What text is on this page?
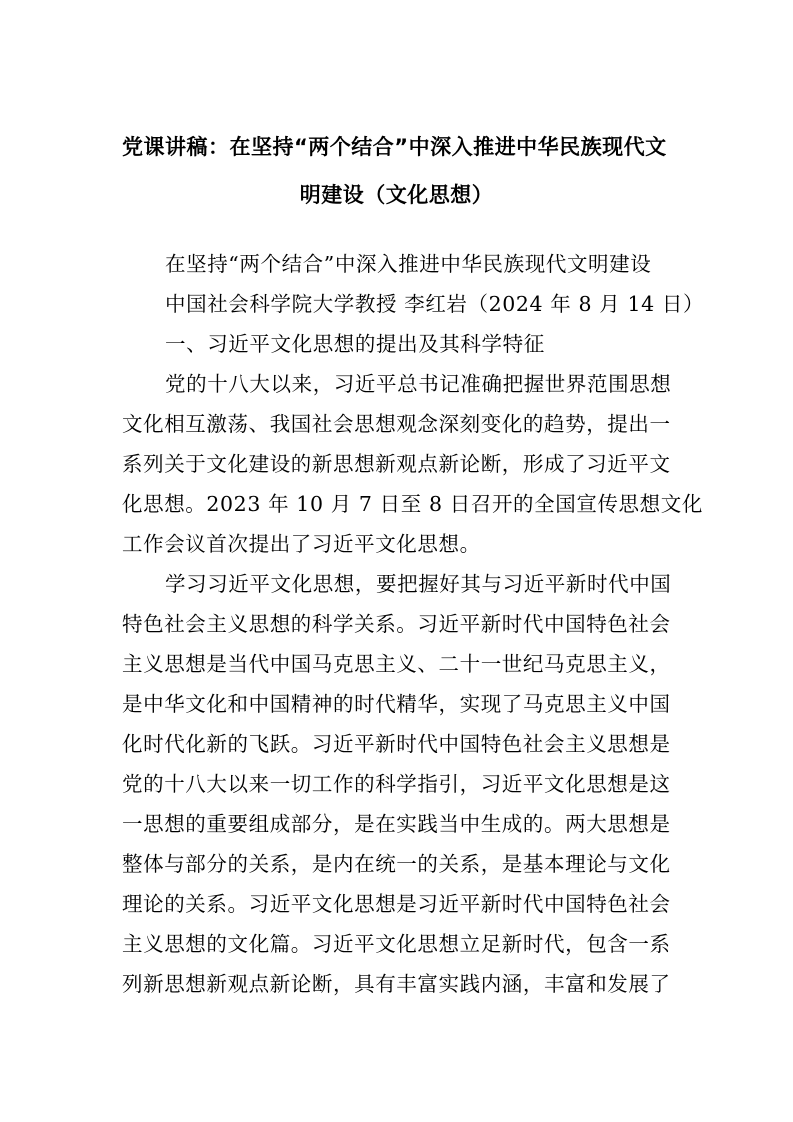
党课讲稿：在坚持“两个结合”中深入推进中华民族现代文
明建设（文化思想）
在坚持“两个结合”中深入推进中华民族现代文明建设
中国社会科学院大学教授 李红岩（2024 年 8 月 14 日）
一、习近平文化思想的提出及其科学特征
党的十八大以来，习近平总书记准确把握世界范围思想
文化相互激荡、我国社会思想观念深刻变化的趋势，提出一
系列关于文化建设的新思想新观点新论断，形成了习近平文
化思想。2023 年 10 月 7 日至 8 日召开的全国宣传思想文化
工作会议首次提出了习近平文化思想。
学习习近平文化思想，要把握好其与习近平新时代中国
特色社会主义思想的科学关系。习近平新时代中国特色社会
主义思想是当代中国马克思主义、二十一世纪马克思主义，
是中华文化和中国精神的时代精华，实现了马克思主义中国
化时代化新的飞跃。习近平新时代中国特色社会主义思想是
党的十八大以来一切工作的科学指引，习近平文化思想是这
一思想的重要组成部分，是在实践当中生成的。两大思想是
整体与部分的关系，是内在统一的关系，是基本理论与文化
理论的关系。习近平文化思想是习近平新时代中国特色社会
主义思想的文化篇。习近平文化思想立足新时代，包含一系
列新思想新观点新论断，具有丰富实践内涵，丰富和发展了
